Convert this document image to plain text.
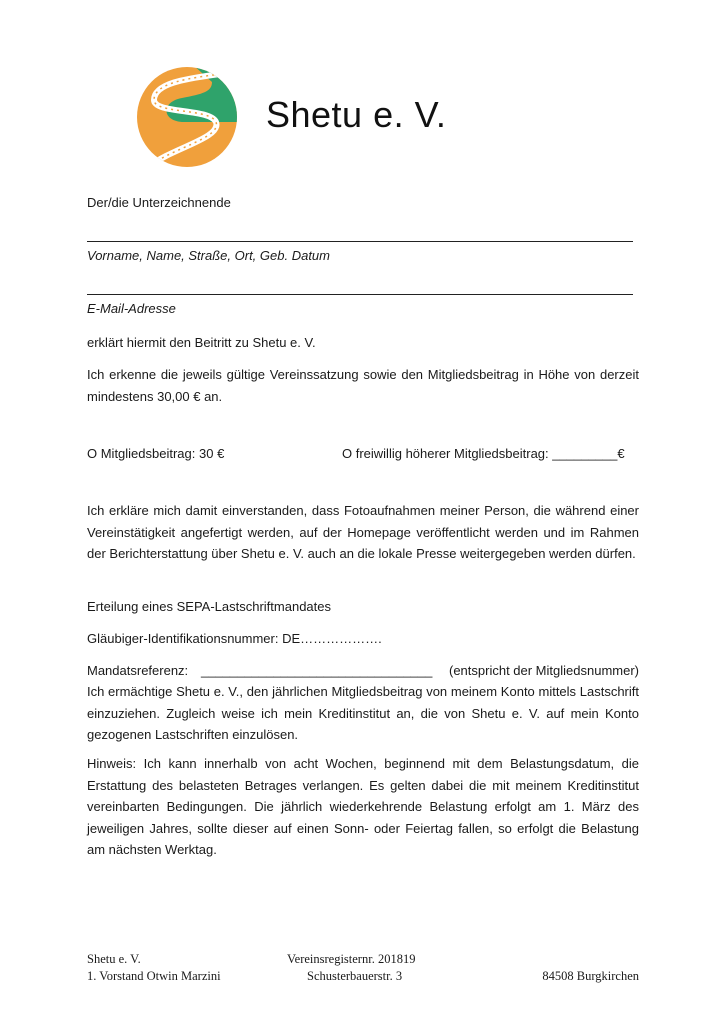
Shetu e. V.
Der/die Unterzeichnende
Vorname, Name, Straße, Ort, Geb. Datum
E-Mail-Adresse
erklärt hiermit den Beitritt zu Shetu e. V.
Ich erkenne die jeweils gültige Vereinssatzung sowie den Mitgliedsbeitrag in Höhe von derzeit mindestens 30,00 € an.
O Mitgliedsbeitrag: 30 €	O freiwillig höherer Mitgliedsbeitrag: _________€
Ich erkläre mich damit einverstanden, dass Fotoaufnahmen meiner Person, die während einer Vereinstätigkeit angefertigt werden, auf der Homepage veröffentlicht werden und im Rahmen der Berichterstattung über Shetu e. V. auch an die lokale Presse weitergegeben werden dürfen.
Erteilung eines SEPA-Lastschriftmandates
Gläubiger-Identifikationsnummer: DE……………….
Mandatsreferenz: ________________________________	(entspricht der Mitgliedsnummer)
Ich ermächtige Shetu e. V., den jährlichen Mitgliedsbeitrag von meinem Konto mittels Lastschrift einzuziehen. Zugleich weise ich mein Kreditinstitut an, die von Shetu e. V. auf mein Konto gezogenen Lastschriften einzulösen.
Hinweis: Ich kann innerhalb von acht Wochen, beginnend mit dem Belastungsdatum, die Erstattung des belasteten Betrages verlangen. Es gelten dabei die mit meinem Kreditinstitut vereinbarten Bedingungen. Die jährlich wiederkehrende Belastung erfolgt am 1. März des jeweiligen Jahres, sollte dieser auf einen Sonn- oder Feiertag fallen, so erfolgt die Belastung am nächsten Werktag.
Shetu e. V.
1. Vorstand Otwin Marzini
Vereinsregisternr. 201819
Schusterbauerstr. 3	84508 Burgkirchen
